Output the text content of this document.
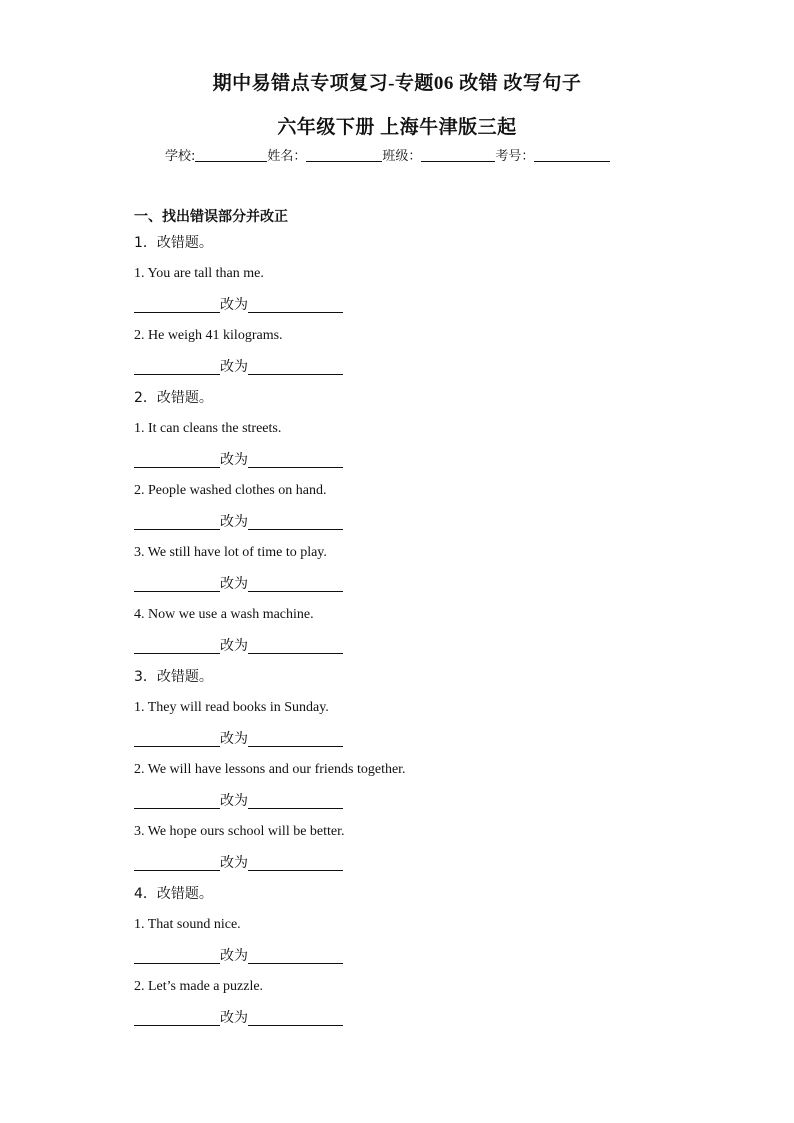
期中易错点专项复习-专题06 改错 改写句子
六年级下册 上海牛津版三起
学校:	姓名：	班级：	考号：
一、找出错误部分并改正
1．改错题。
1. You are tall than me.
改为
2. He weigh 41 kilograms.
改为
2．改错题。
1. It can cleans the streets.
改为
2. People washed clothes on hand.
改为
3. We still have lot of time to play.
改为
4. Now we use a wash machine.
改为
3．改错题。
1. They will read books in Sunday.
改为
2. We will have lessons and our friends together.
改为
3. We hope ours school will be better.
改为
4．改错题。
1. That sound nice.
改为
2. Let’s made a puzzle.
改为
